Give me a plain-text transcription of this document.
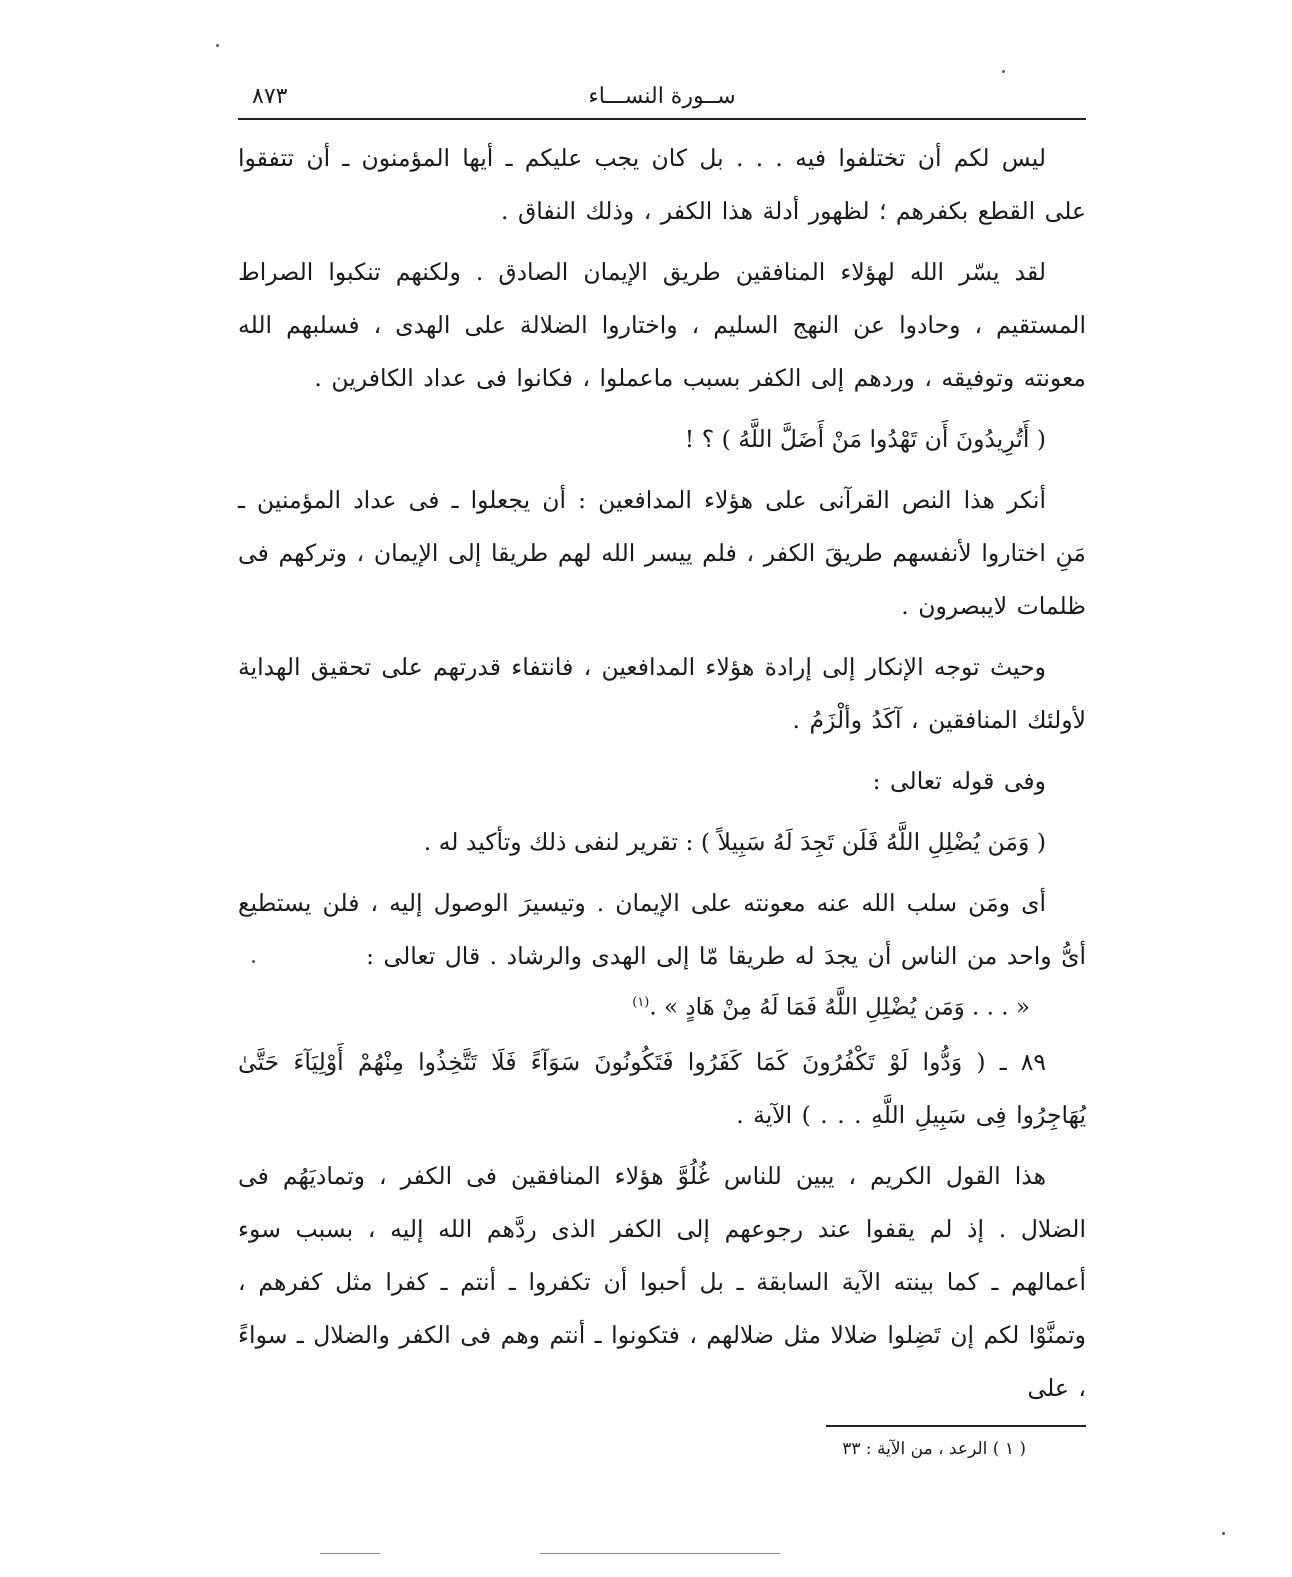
ســورة النســـاء
٨٧٣

ليس لكم أن تختلفوا فيه . . . بل كان يجب عليكم ـ أيها المؤمنون ـ أن تتفقوا على القطع بكفرهم ؛ لظهور أدلة هذا الكفر ، وذلك النفاق .

لقد يسّر الله لهؤلاء المنافقين طريق الإيمان الصادق . ولكنهم تنكبوا الصراط المستقيم ، وحادوا عن النهج السليم ، واختاروا الضلالة على الهدى ، فسلبهم الله معونته وتوفيقه ، وردهم إلى الكفر بسبب ماعملوا ، فكانوا فى عداد الكافرين .

( أَتُرِيدُونَ أَن تَهْدُوا مَنْ أَضَلَّ اللَّهُ ) ؟ !

أنكر هذا النص القرآنى على هؤلاء المدافعين : أن يجعلوا ـ فى عداد المؤمنين ـ مَنِ اختاروا لأنفسهم طريقَ الكفر ، فلم ييسر الله لهم طريقا إلى الإيمان ، وتركهم فى ظلمات لايبصرون .

وحيث توجه الإنكار إلى إرادة هؤلاء المدافعين ، فانتفاء قدرتهم على تحقيق الهداية لأولئك المنافقين ، آكَدُ وألْزَمُ .

وفى قوله تعالى :

( وَمَن يُضْلِلِ اللَّهُ فَلَن تَجِدَ لَهُ سَبِيلاً ) : تقرير لنفى ذلك وتأكيد له .

أى ومَن سلب الله عنه معونته على الإيمان . وتيسيرَ الوصول إليه ، فلن يستطيع أىُّ واحد من الناس أن يجدَ له طريقا مّا إلى الهدى والرشاد . قال تعالى :

« . . . وَمَن يُضْلِلِ اللَّهُ فَمَا لَهُ مِنْ هَادٍ » .$^{(١)}$

٨٩ ـ ( وَدُّوا لَوْ تَكْفُرُونَ كَمَا كَفَرُوا فَتَكُونُونَ سَوَآءً فَلَا تَتَّخِذُوا مِنْهُمْ أَوْلِيَآءَ حَتَّىٰ يُهَاجِرُوا فِى سَبِيلِ اللَّهِ . . . ) الآية .

هذا القول الكريم ، يبين للناس غُلُوَّ هؤلاء المنافقين فى الكفر ، وتماديَهُم فى الضلال . إذ لم يقفوا عند رجوعهم إلى الكفر الذى ردَّهم الله إليه ، بسبب سوء أعمالهم ـ كما بينته الآية السابقة ـ بل أحبوا أن تكفروا ـ أنتم ـ كفرا مثل كفرهم ، وتمنَّوْا لكم إن تَضِلوا ضلالا مثل ضلالهم ، فتكونوا ـ أنتم وهم فى الكفر والضلال ـ سواءً ، على

( ١ ) الرعد ، من الآية : ٣٣
